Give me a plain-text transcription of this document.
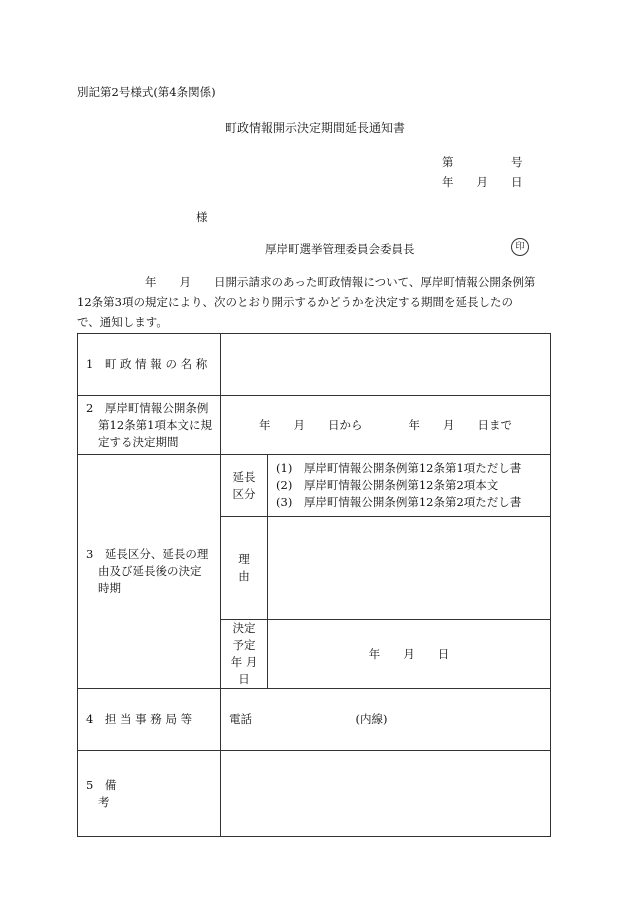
別記第2号様式(第4条関係)
町政情報開示決定期間延長通知書
第　　　　　号
年　　月　　日
様
厚岸町選挙管理委員会委員長	印

年　　月　　日開示請求のあった町政情報について、厚岸町情報公開条例第

12条第3項の規定により、次のとおり開示するかどうかを決定する期間を延長したの

で、通知します。

1　町 政 情 報 の 名 称		

2　厚岸町情報公開条例第12条第1項本文に規定する決定期間	年　　月　　日から　　　　年　　月　　日まで	

3　延長区分、延長の理由及び延長後の決定時期	延長区分	(1)　厚岸町情報公開条例第12条第1項ただし書
(2)　厚岸町情報公開条例第12条第2項本文
(3)　厚岸町情報公開条例第12条第2項ただし書

	理　　由	

	決定予定
年 月 日	年　　月　　日

4　担 当 事 務 局 等	電話　　　　　　　　　(内線)	

5　備　　　　　　　　考		
